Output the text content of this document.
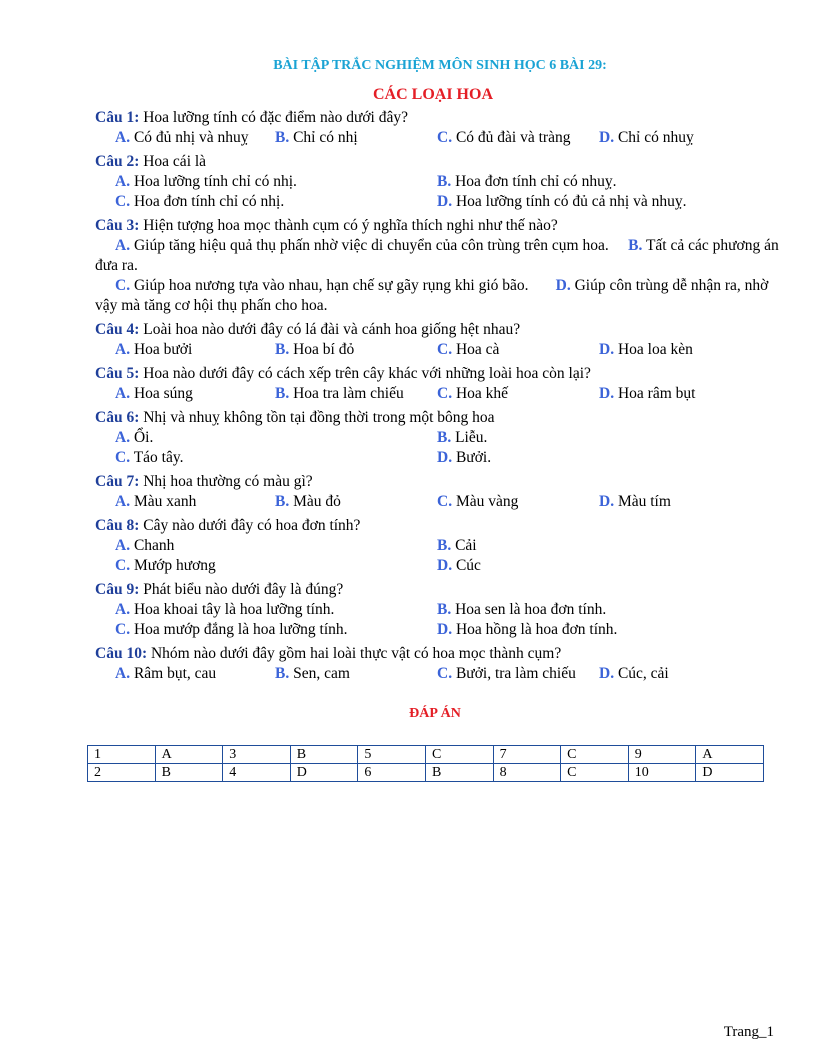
BÀI TẬP TRẮC NGHIỆM MÔN SINH HỌC 6 BÀI 29:
CÁC LOẠI HOA
Câu 1: Hoa lưỡng tính có đặc điểm nào dưới đây?
A. Có đủ nhị và nhuỵ B. Chỉ có nhị	C. Có đủ đài và tràng D. Chỉ có nhuỵ
Câu 2: Hoa cái là
A. Hoa lưỡng tính chỉ có nhị.	B. Hoa đơn tính chỉ có nhuỵ.
C. Hoa đơn tính chỉ có nhị.	D. Hoa lưỡng tính có đủ cả nhị và nhuỵ.
Câu 3: Hiện tượng hoa mọc thành cụm có ý nghĩa thích nghi như thế nào?
A. Giúp tăng hiệu quả thụ phấn nhờ việc di chuyển của côn trùng trên cụm hoa. B. Tất cả các phương án đưa ra.
C. Giúp hoa nương tựa vào nhau, hạn chế sự gãy rụng khi gió bão. D. Giúp côn trùng dễ nhận ra, nhờ vậy mà tăng cơ hội thụ phấn cho hoa.
Câu 4: Loài hoa nào dưới đây có lá đài và cánh hoa giống hệt nhau?
A. Hoa bưởi	B. Hoa bí đỏ	C. Hoa cà	D. Hoa loa kèn
Câu 5: Hoa nào dưới đây có cách xếp trên cây khác với những loài hoa còn lại?
A. Hoa súng	B. Hoa tra làm chiếu C. Hoa khế	D. Hoa râm bụt
Câu 6: Nhị và nhuỵ không tồn tại đồng thời trong một bông hoa
A. Ổi.	B. Liễu.
C. Táo tây.	D. Bưởi.
Câu 7: Nhị hoa thường có màu gì?
A. Màu xanh	B. Màu đỏ	C. Màu vàng	D. Màu tím
Câu 8: Cây nào dưới đây có hoa đơn tính?
A. Chanh	B. Cải
C. Mướp hương	D. Cúc
Câu 9: Phát biểu nào dưới đây là đúng?
A. Hoa khoai tây là hoa lưỡng tính.	B. Hoa sen là hoa đơn tính.
C. Hoa mướp đắng là hoa lưỡng tính.	D. Hoa hồng là hoa đơn tính.
Câu 10: Nhóm nào dưới đây gồm hai loài thực vật có hoa mọc thành cụm?
A. Râm bụt, cau	B. Sen, cam	C. Bưởi, tra làm chiếu D. Cúc, cải
ĐÁP ÁN
1	A	3	B	5	C	7	C	9	A
2	B	4	D	6	B	8	C	10	D
Trang_1
